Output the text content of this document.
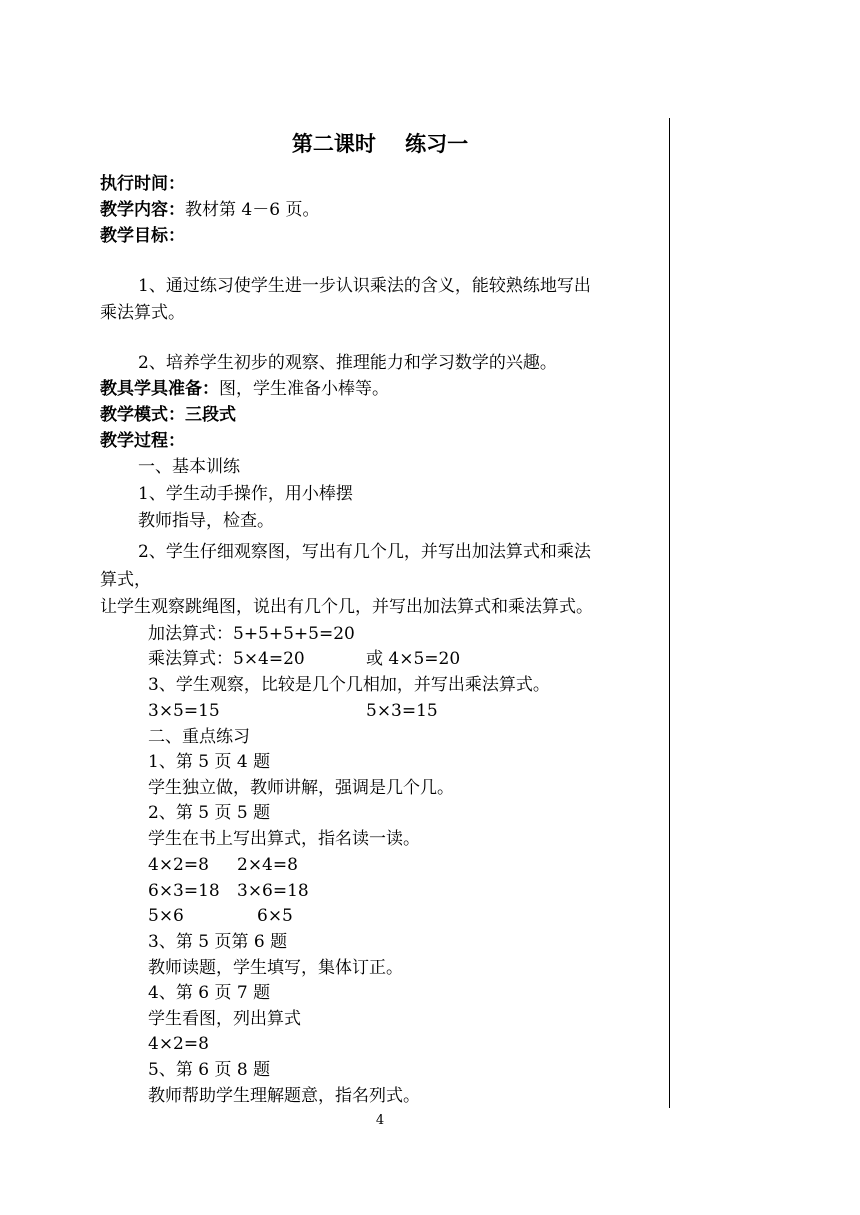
第二课时    练习一
执行时间：
教学内容：教材第 4－6 页。
教学目标：
1、通过练习使学生进一步认识乘法的含义，能较熟练地写出
乘法算式。
2、培养学生初步的观察、推理能力和学习数学的兴趣。
教具学具准备：图，学生准备小棒等。
教学模式：三段式
教学过程：
一、基本训练
1、学生动手操作，用小棒摆
教师指导，检查。
2、学生仔细观察图，写出有几个几，并写出加法算式和乘法
算式，
让学生观察跳绳图，说出有几个几，并写出加法算式和乘法算式。
加法算式：5+5+5+5=20
乘法算式：5×4=20	或 4×5=20
3、学生观察，比较是几个几相加，并写出乘法算式。
3×5=15	5×3=15
二、重点练习
1、第 5 页 4 题
学生独立做，教师讲解，强调是几个几。
2、第 5 页 5 题
学生在书上写出算式，指名读一读。
4×2=8 2×4=8
6×3=18 3×6=18
5×6	6×5
3、第 5 页第 6 题
教师读题，学生填写，集体订正。
4、第 6 页 7 题
学生看图，列出算式
4×2=8
5、第 6 页 8 题
教师帮助学生理解题意，指名列式。
4
